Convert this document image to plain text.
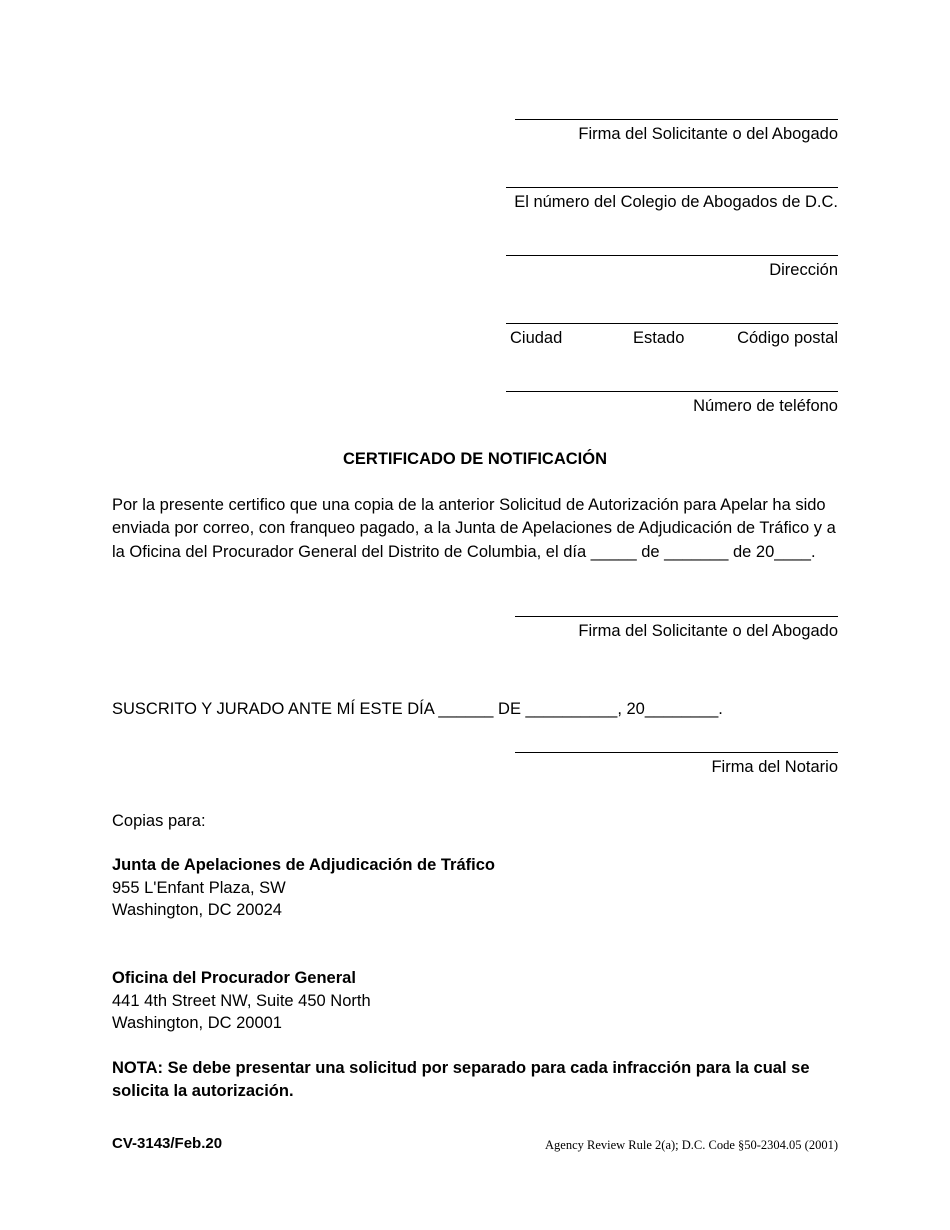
Firma del Solicitante o del Abogado
El número del Colegio de Abogados de D.C.
Dirección
Ciudad	Estado	Código postal
Número de teléfono
CERTIFICADO DE NOTIFICACIÓN
Por la presente certifico que una copia de la anterior Solicitud de Autorización para Apelar ha sido enviada por correo, con franqueo pagado, a la Junta de Apelaciones de Adjudicación de Tráfico y a la Oficina del Procurador General del Distrito de Columbia, el día _____ de _______ de 20____.
Firma del Solicitante o del Abogado
SUSCRITO Y JURADO ANTE MÍ ESTE DÍA ______ DE __________, 20________.
Firma del Notario
Copias para:
Junta de Apelaciones de Adjudicación de Tráfico
955 L'Enfant Plaza, SW
Washington, DC 20024
Oficina del Procurador General
441 4th Street NW, Suite 450 North
Washington, DC 20001
NOTA: Se debe presentar una solicitud por separado para cada infracción para la cual se solicita la autorización.
CV-3143/Feb.20	Agency Review Rule 2(a); D.C. Code §50-2304.05 (2001)
